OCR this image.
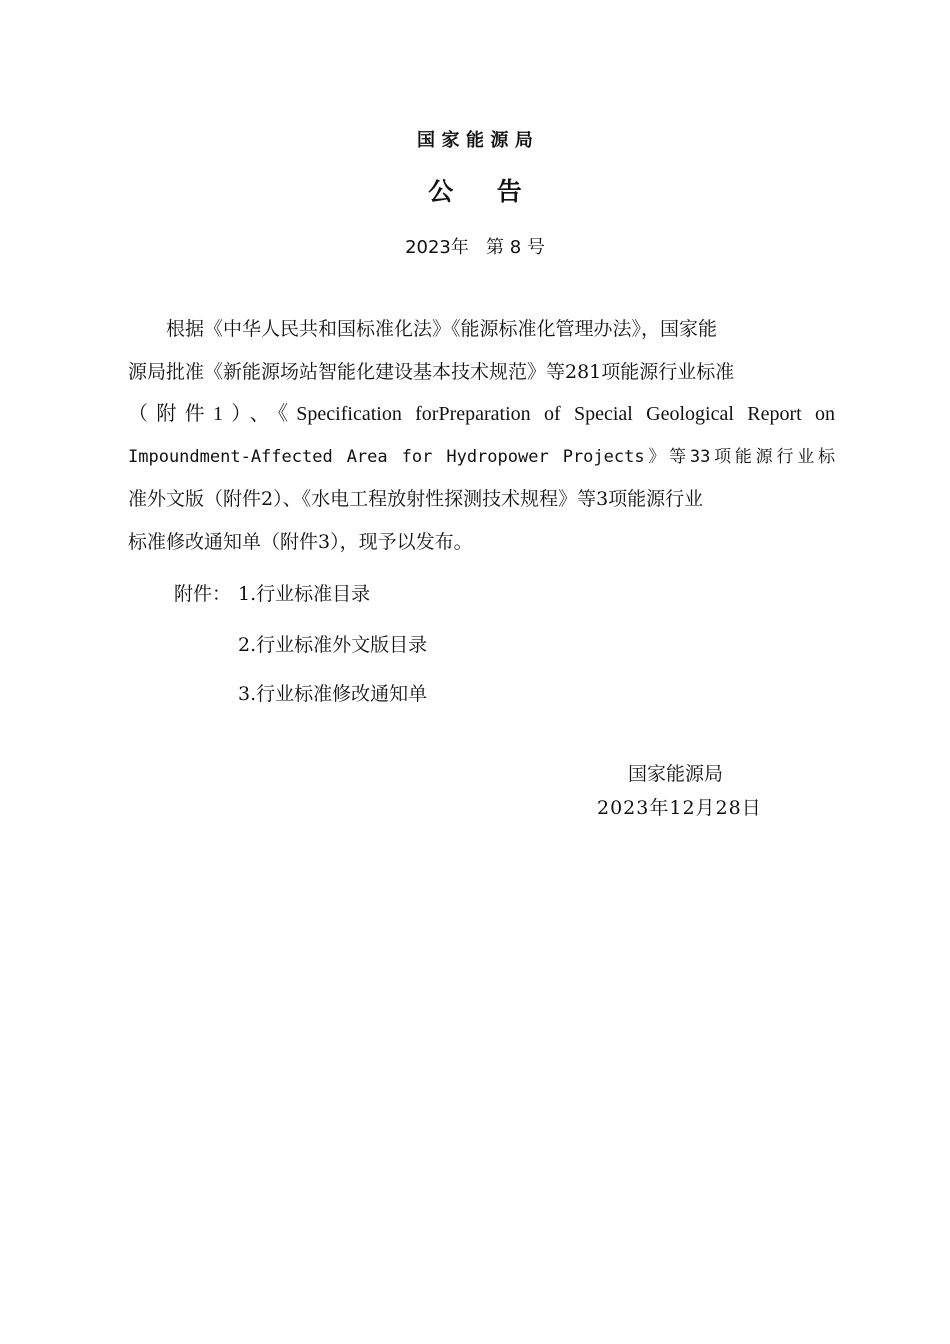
国 家 能 源 局
公     告
2023年   第 8 号
根据《中华人民共和国标准化法》《能源标准化管理办法》，国家能
源局批准《新能源场站智能化建设基本技术规范》等281项能源行业标准
（附件1）、《Specification forPreparation of Special Geological Report on
Impoundment-Affected Area for Hydropower Projects》等33项能源行业标
准外文版（附件2）、《水电工程放射性探测技术规程》等3项能源行业
标准修改通知单（附件3），现予以发布。
附件： 1.行业标准目录
2.行业标准外文版目录
3.行业标准修改通知单
国家能源局
2023年12月28日
